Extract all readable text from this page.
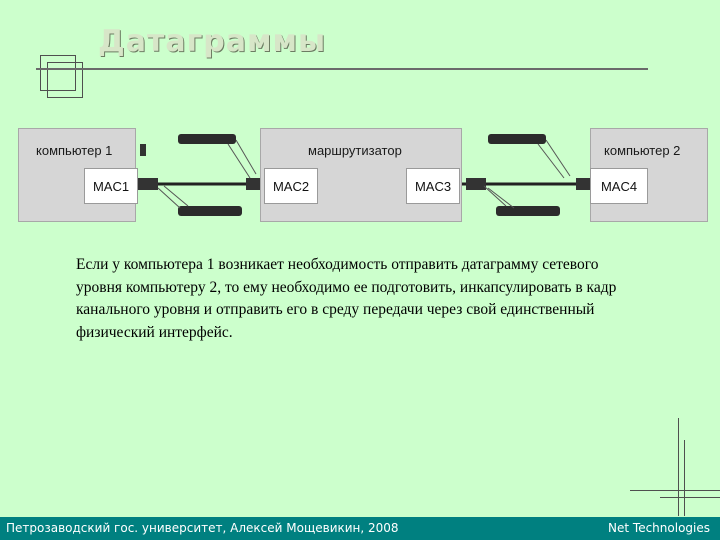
Датаграммы
компьютер 1
MAC1
маршрутизатор
MAC2	MAC3
компьютер 2
MAC4
Если у компьютера 1 возникает необходимость отправить датаграмму сетевого уровня компьютеру 2, то ему необходимо ее подготовить, инкапсулировать в кадр канального уровня и отправить его в среду передачи через свой единственный физический интерфейс.
Петрозаводский гос. университет, Алексей Мощевикин, 2008	Net Technologies
